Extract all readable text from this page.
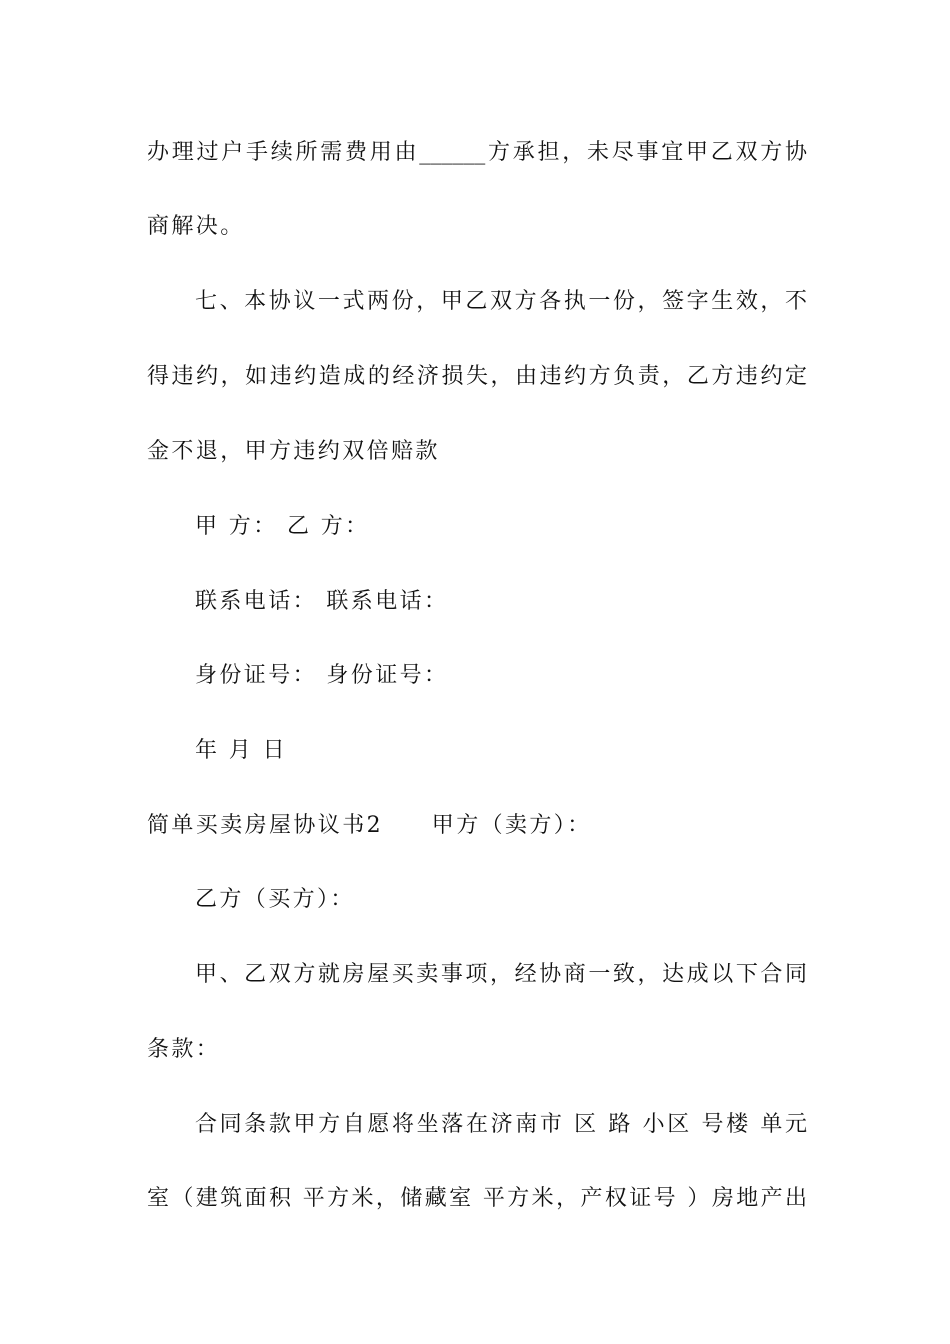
办理过户手续所需费用由______方承担，未尽事宜甲乙双方协
商解决。
七、本协议一式两份，甲乙双方各执一份，签字生效，不
得违约，如违约造成的经济损失，由违约方负责，乙方违约定
金不退，甲方违约双倍赔款
甲 方： 乙 方：
联系电话： 联系电话：
身份证号： 身份证号：
年 月 日
简单买卖房屋协议书2　　甲方（卖方）：
乙方（买方）：
甲、乙双方就房屋买卖事项，经协商一致，达成以下合同
条款：
合同条款甲方自愿将坐落在济南市 区 路 小区 号楼 单元
室（建筑面积 平方米，储藏室 平方米，产权证号 ）房地产出
